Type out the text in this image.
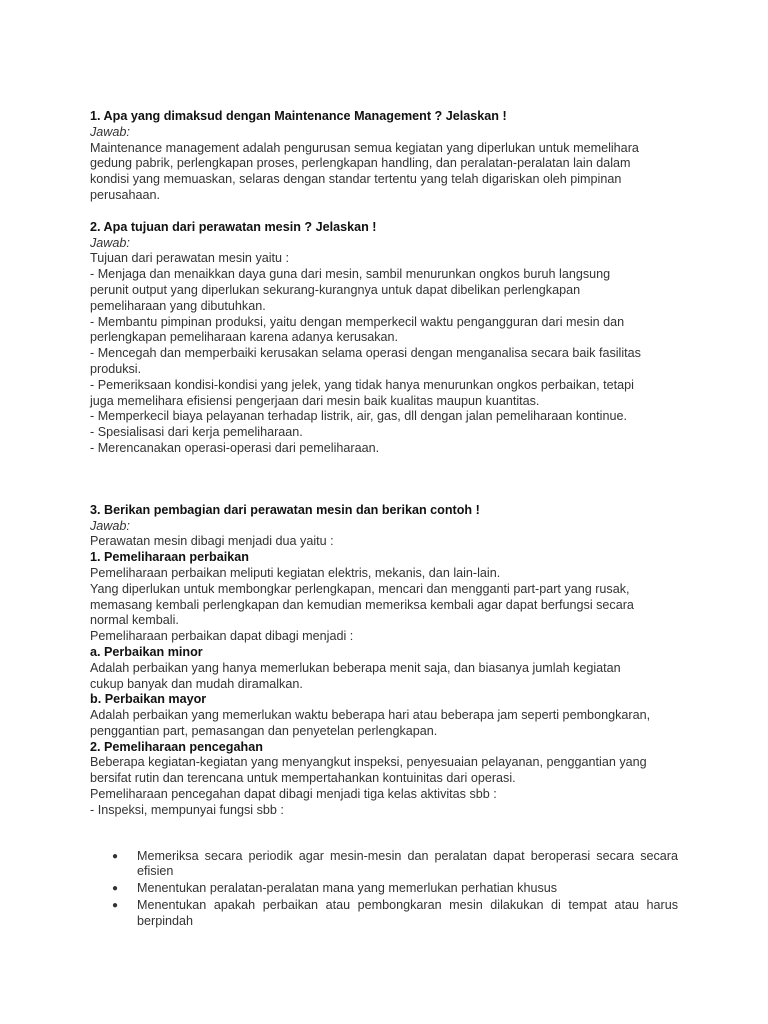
1. Apa yang dimaksud dengan Maintenance Management ? Jelaskan !

Jawab:

Maintenance management adalah pengurusan semua kegiatan yang diperlukan untuk memelihara

gedung pabrik, perlengkapan proses, perlengkapan handling, dan peralatan-peralatan lain dalam

kondisi yang memuaskan, selaras dengan standar tertentu yang telah digariskan oleh pimpinan

perusahaan.

2. Apa tujuan dari perawatan mesin ? Jelaskan !

Jawab:

Tujuan dari perawatan mesin yaitu :

- Menjaga dan menaikkan daya guna dari mesin, sambil menurunkan ongkos buruh langsung

perunit output yang diperlukan sekurang-kurangnya untuk dapat dibelikan perlengkapan

pemeliharaan yang dibutuhkan.

- Membantu pimpinan produksi, yaitu dengan memperkecil waktu pengangguran dari mesin dan

perlengkapan pemeliharaan karena adanya kerusakan.

- Mencegah dan memperbaiki kerusakan selama operasi dengan menganalisa secara baik fasilitas

produksi.

- Pemeriksaan kondisi-kondisi yang jelek, yang tidak hanya menurunkan ongkos perbaikan, tetapi

juga memelihara efisiensi pengerjaan dari mesin baik kualitas maupun kuantitas.

- Memperkecil biaya pelayanan terhadap listrik, air, gas, dll dengan jalan pemeliharaan kontinue.

- Spesialisasi dari kerja pemeliharaan.

- Merencanakan operasi-operasi dari pemeliharaan.

3. Berikan pembagian dari perawatan mesin dan berikan contoh !

Jawab:

Perawatan mesin dibagi menjadi dua yaitu :

1. Pemeliharaan perbaikan

Pemeliharaan perbaikan meliputi kegiatan elektris, mekanis, dan lain-lain.

Yang diperlukan untuk membongkar perlengkapan, mencari dan mengganti part-part yang rusak,

memasang kembali perlengkapan dan kemudian memeriksa kembali agar dapat berfungsi secara

normal kembali.

Pemeliharaan perbaikan dapat dibagi menjadi :

a. Perbaikan minor

Adalah perbaikan yang hanya memerlukan beberapa menit saja, dan biasanya jumlah kegiatan

cukup banyak dan mudah diramalkan.

b. Perbaikan mayor

Adalah perbaikan yang memerlukan waktu beberapa hari atau beberapa jam seperti pembongkaran,

penggantian part, pemasangan dan penyetelan perlengkapan.

2. Pemeliharaan pencegahan

Beberapa kegiatan-kegiatan yang menyangkut inspeksi, penyesuaian pelayanan, penggantian yang

bersifat rutin dan terencana untuk mempertahankan kontuinitas dari operasi.

Pemeliharaan pencegahan dapat dibagi menjadi tiga kelas aktivitas sbb :

- Inspeksi, mempunyai fungsi sbb :

● Memeriksa secara periodik agar mesin-mesin dan peralatan dapat beroperasi secara secara efisien
● Menentukan peralatan-peralatan mana yang memerlukan perhatian khusus
● Menentukan apakah perbaikan atau pembongkaran mesin dilakukan di tempat atau harus berpindah
